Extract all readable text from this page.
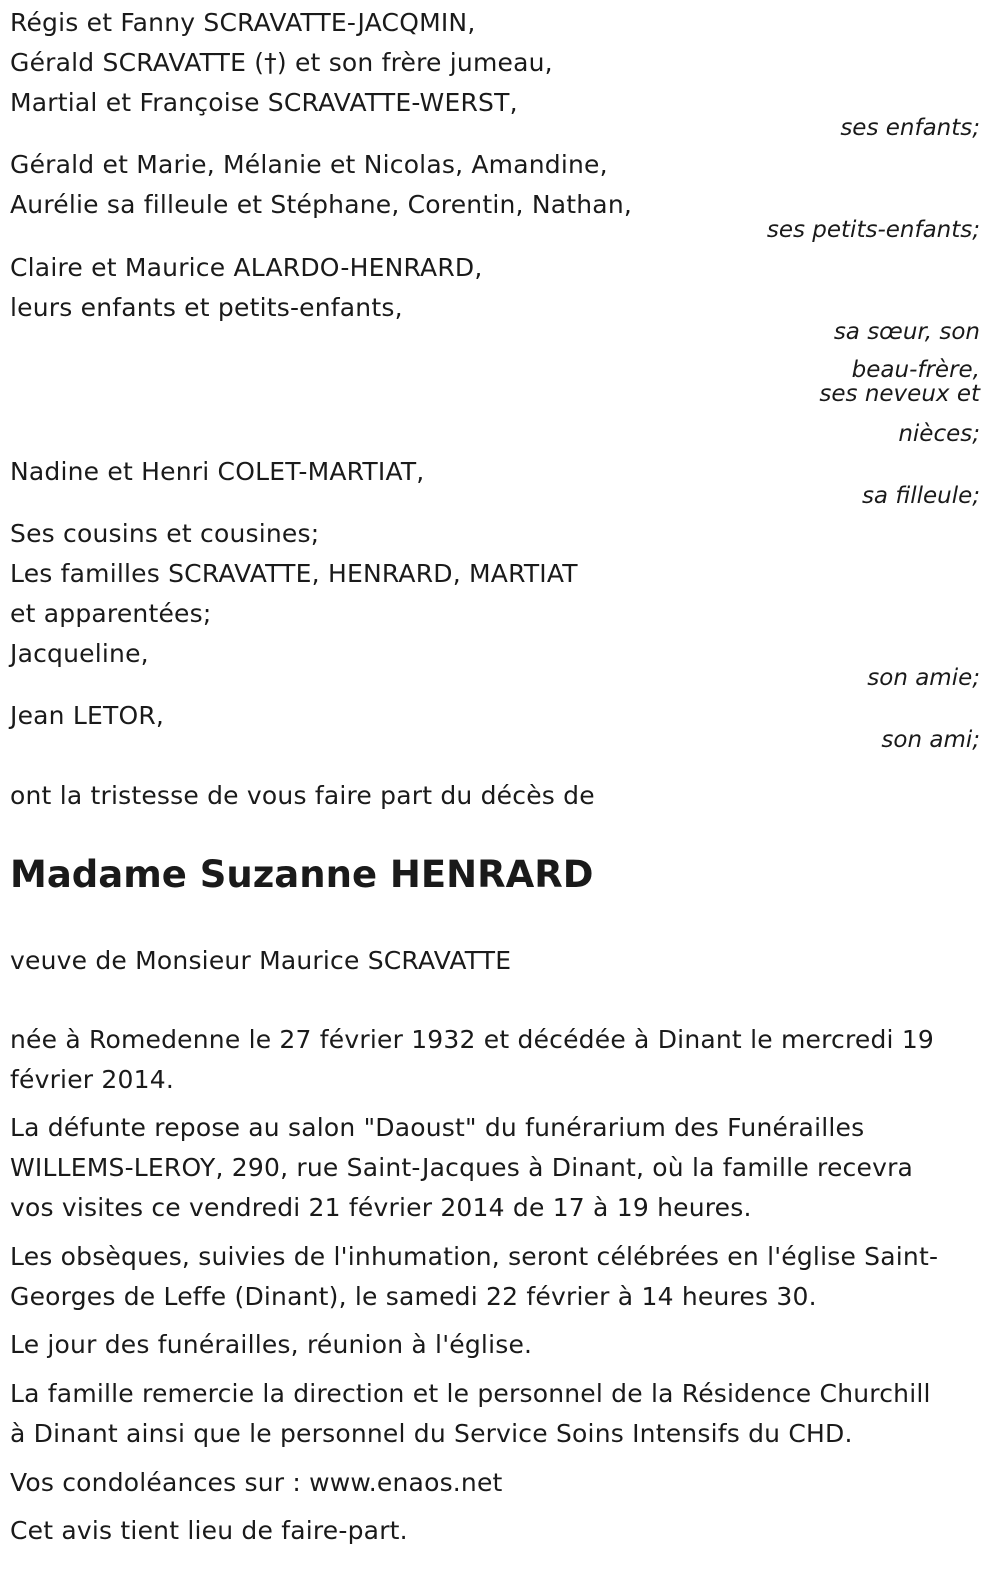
Régis et Fanny SCRAVATTE-JACQMIN,
Gérald SCRAVATTE (†) et son frère jumeau,
Martial et Françoise SCRAVATTE-WERST,
ses enfants;
Gérald et Marie, Mélanie et Nicolas, Amandine,
Aurélie sa filleule et Stéphane, Corentin, Nathan,
ses petits-enfants;
Claire et Maurice ALARDO-HENRARD,
leurs enfants et petits-enfants,
sa sœur, son
beau-frère,
ses neveux et
nièces;
Nadine et Henri COLET-MARTIAT,
sa filleule;
Ses cousins et cousines;
Les familles SCRAVATTE, HENRARD, MARTIAT
et apparentées;
Jacqueline,
son amie;
Jean LETOR,
son ami;
ont la tristesse de vous faire part du décès de
Madame Suzanne HENRARD
veuve de Monsieur Maurice SCRAVATTE
née à Romedenne le 27 février 1932 et décédée à Dinant le mercredi 19
février 2014.
La défunte repose au salon "Daoust" du funérarium des Funérailles
WILLEMS-LEROY, 290, rue Saint-Jacques à Dinant, où la famille recevra
vos visites ce vendredi 21 février 2014 de 17 à 19 heures.
Les obsèques, suivies de l'inhumation, seront célébrées en l'église Saint-
Georges de Leffe (Dinant), le samedi 22 février à 14 heures 30.
Le jour des funérailles, réunion à l'église.
La famille remercie la direction et le personnel de la Résidence Churchill
à Dinant ainsi que le personnel du Service Soins Intensifs du CHD.
Vos condoléances sur : www.enaos.net
Cet avis tient lieu de faire-part.
